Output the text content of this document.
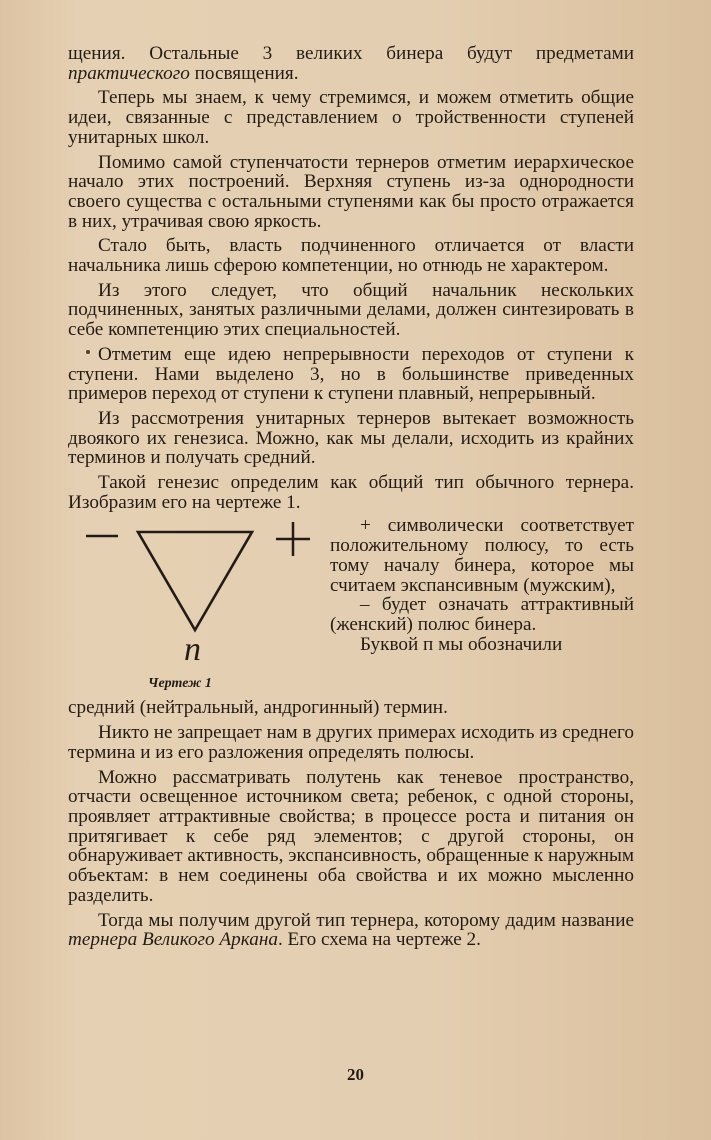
щения. Остальные 3 великих бинера будут предметами практического посвящения.

Теперь мы знаем, к чему стремимся, и можем отметить общие идеи, связанные с представлением о тройственности ступеней унитарных школ.

Помимо самой ступенчатости тернеров отметим иерархическое начало этих построений. Верхняя ступень из-за однородности своего существа с остальными ступенями как бы просто отражается в них, утрачивая свою яркость.

Стало быть, власть подчиненного отличается от власти начальника лишь сферою компетенции, но отнюдь не характером.

Из этого следует, что общий начальник нескольких подчиненных, занятых различными делами, должен синтезировать в себе компетенцию этих специальностей.

Отметим еще идею непрерывности переходов от ступени к ступени. Нами выделено 3, но в большинстве приведенных примеров переход от ступени к ступени плавный, непрерывный.

Из рассмотрения унитарных тернеров вытекает возможность двоякого их генезиса. Можно, как мы делали, исходить из крайних терминов и получать средний.

Такой генезис определим как общий тип обычного тернера. Изобразим его на чертеже 1.

n
Чертеж 1

+ символически соответствует положительному полюсу, то есть тому началу бинера, которое мы считаем экспансивным (мужским),

– будет означать аттрактивный (женский) полюс бинера.

Буквой п мы обозначили

средний (нейтральный, андрогинный) термин.

Никто не запрещает нам в других примерах исходить из среднего термина и из его разложения определять полюсы.

Можно рассматривать полутень как теневое пространство, отчасти освещенное источником света; ребенок, с одной стороны, проявляет аттрактивные свойства; в процессе роста и питания он притягивает к себе ряд элементов; с другой стороны, он обнаруживает активность, экспансивность, обращенные к наружным объектам: в нем соединены оба свойства и их можно мысленно разделить.

Тогда мы получим другой тип тернера, которому дадим название тернера Великого Аркана. Его схема на чертеже 2.

20
